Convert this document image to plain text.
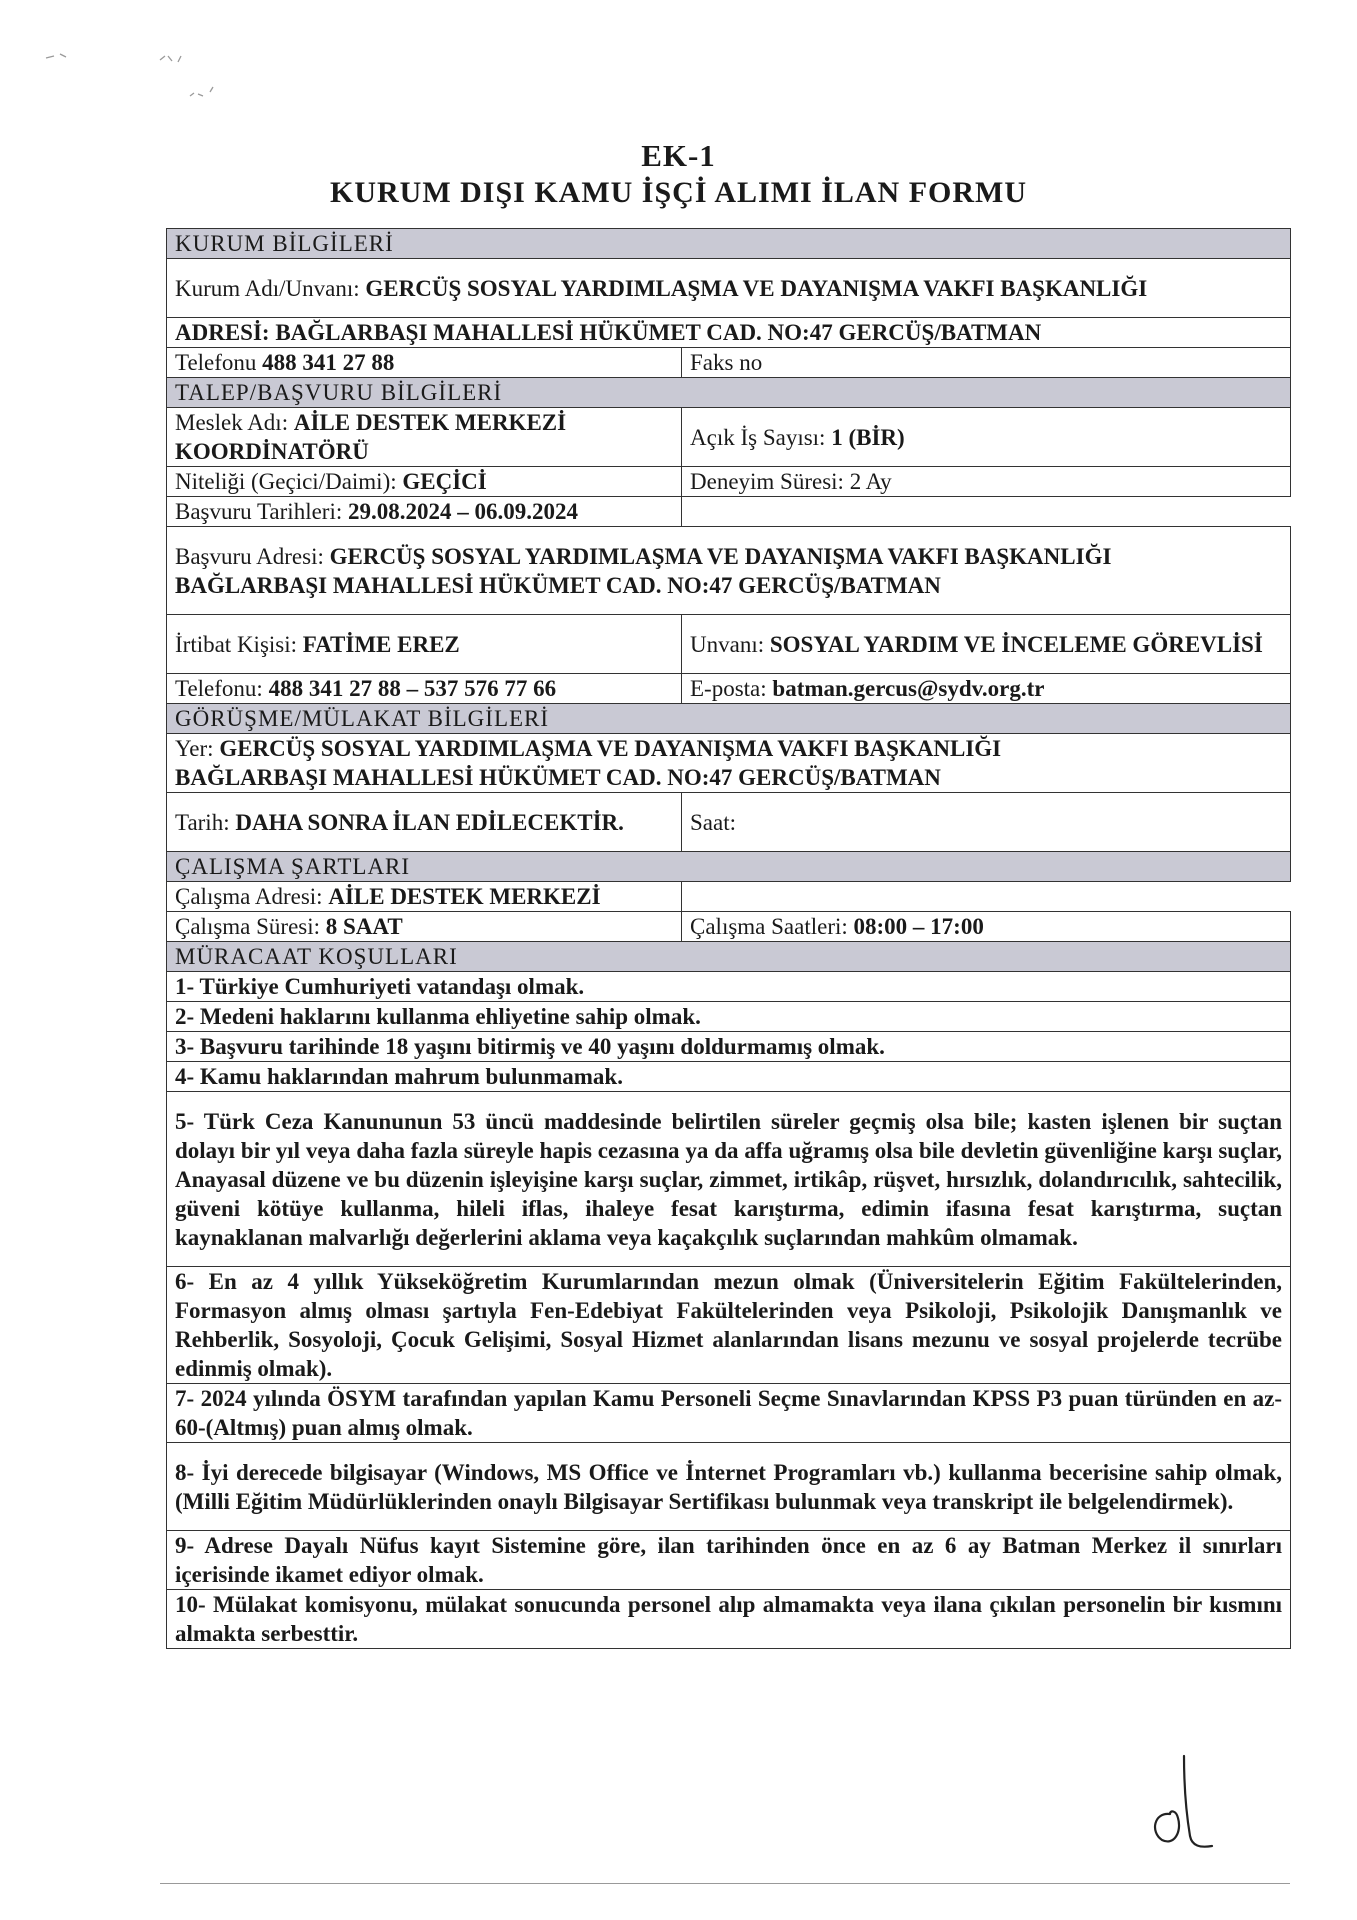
EK-1
KURUM DIŞI KAMU İŞÇİ ALIMI İLAN FORMU
KURUM BİLGİLERİ	
Kurum Adı/Unvanı: GERCÜŞ SOSYAL YARDIMLAŞMA VE DAYANIŞMA VAKFI BAŞKANLIĞI	
ADRESİ: BAĞLARBAŞI MAHALLESİ HÜKÜMET CAD. NO:47 GERCÜŞ/BATMAN	
Telefonu 488 341 27 88	Faks no
TALEP/BAŞVURU BİLGİLERİ	
Meslek Adı: AİLE DESTEK MERKEZİ KOORDİNATÖRÜ	Açık İş Sayısı: 1 (BİR)
Niteliği (Geçici/Daimi): GEÇİCİ	Deneyim Süresi: 2 Ay
Başvuru Tarihleri: 29.08.2024 – 06.09.2024	
Başvuru Adresi: GERCÜŞ SOSYAL YARDIMLAŞMA VE DAYANIŞMA VAKFI BAŞKANLIĞI
BAĞLARBAŞI MAHALLESİ HÜKÜMET CAD. NO:47 GERCÜŞ/BATMAN	
İrtibat Kişisi: FATİME EREZ	Unvanı: SOSYAL YARDIM VE İNCELEME GÖREVLİSİ
Telefonu: 488 341 27 88 – 537 576 77 66	E-posta: batman.gercus@sydv.org.tr
GÖRÜŞME/MÜLAKAT BİLGİLERİ	
Yer: GERCÜŞ SOSYAL YARDIMLAŞMA VE DAYANIŞMA VAKFI BAŞKANLIĞI
BAĞLARBAŞI MAHALLESİ HÜKÜMET CAD. NO:47 GERCÜŞ/BATMAN	
Tarih: DAHA SONRA İLAN EDİLECEKTİR.	Saat:
ÇALIŞMA ŞARTLARI	
Çalışma Adresi: AİLE DESTEK MERKEZİ	
Çalışma Süresi: 8 SAAT	Çalışma Saatleri: 08:00 – 17:00
MÜRACAAT KOŞULLARI	
1- Türkiye Cumhuriyeti vatandaşı olmak.	
2- Medeni haklarını kullanma ehliyetine sahip olmak.	
3- Başvuru tarihinde 18 yaşını bitirmiş ve 40 yaşını doldurmamış olmak.	
4- Kamu haklarından mahrum bulunmamak.	
5- Türk Ceza Kanununun 53 üncü maddesinde belirtilen süreler geçmiş olsa bile; kasten işlenen bir suçtan dolayı bir yıl veya daha fazla süreyle hapis cezasına ya da affa uğramış olsa bile devletin güvenliğine karşı suçlar, Anayasal düzene ve bu düzenin işleyişine karşı suçlar, zimmet, irtikâp, rüşvet, hırsızlık, dolandırıcılık, sahtecilik, güveni kötüye kullanma, hileli iflas, ihaleye fesat karıştırma, edimin ifasına fesat karıştırma, suçtan kaynaklanan malvarlığı değerlerini aklama veya kaçakçılık suçlarından mahkûm olmamak.	
6- En az 4 yıllık Yükseköğretim Kurumlarından mezun olmak (Üniversitelerin Eğitim Fakültelerinden, Formasyon almış olması şartıyla Fen-Edebiyat Fakültelerinden veya Psikoloji, Psikolojik Danışmanlık ve Rehberlik, Sosyoloji, Çocuk Gelişimi, Sosyal Hizmet alanlarından lisans mezunu ve sosyal projelerde tecrübe edinmiş olmak).	
7- 2024 yılında ÖSYM tarafından yapılan Kamu Personeli Seçme Sınavlarından KPSS P3 puan türünden en az-60-(Altmış) puan almış olmak.	
8- İyi derecede bilgisayar (Windows, MS Office ve İnternet Programları vb.) kullanma becerisine sahip olmak, (Milli Eğitim Müdürlüklerinden onaylı Bilgisayar Sertifikası bulunmak veya transkript ile belgelendirmek).	
9- Adrese Dayalı Nüfus kayıt Sistemine göre, ilan tarihinden önce en az 6 ay Batman Merkez il sınırları içerisinde ikamet ediyor olmak.	
10- Mülakat komisyonu, mülakat sonucunda personel alıp almamakta veya ilana çıkılan personelin bir kısmını almakta serbesttir.	
